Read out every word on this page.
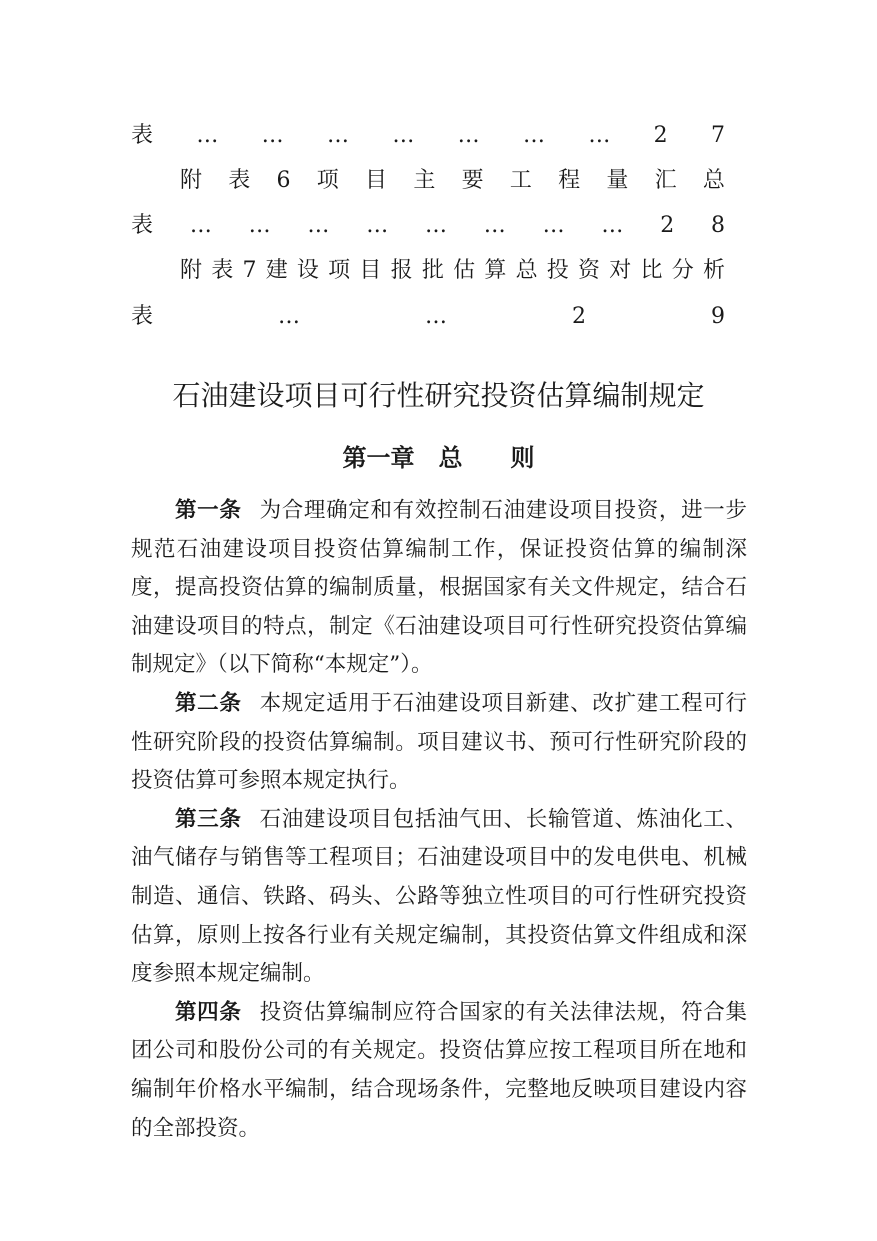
表 … … … … … … … 2 7
附 表 6 项 目 主 要 工 程 量 汇 总
表 … … … … … … … … 2 8
附 表 7 建 设 项 目 报 批 估 算 总 投 资 对 比 分 析
表	…	…	2	9
石油建设项目可行性研究投资估算编制规定
第一章　总　　则

第一条 为合理确定和有效控制石油建设项目投资，进一步规范石油建设项目投资估算编制工作，保证投资估算的编制深度，提高投资估算的编制质量，根据国家有关文件规定，结合石油建设项目的特点，制定《石油建设项目可行性研究投资估算编制规定》（以下简称“本规定”）。

第二条 本规定适用于石油建设项目新建、改扩建工程可行性研究阶段的投资估算编制。项目建议书、预可行性研究阶段的投资估算可参照本规定执行。

第三条 石油建设项目包括油气田、长输管道、炼油化工、油气储存与销售等工程项目；石油建设项目中的发电供电、机械制造、通信、铁路、码头、公路等独立性项目的可行性研究投资估算，原则上按各行业有关规定编制，其投资估算文件组成和深度参照本规定编制。

第四条 投资估算编制应符合国家的有关法律法规，符合集团公司和股份公司的有关规定。投资估算应按工程项目所在地和编制年价格水平编制，结合现场条件，完整地反映项目建设内容的全部投资。
